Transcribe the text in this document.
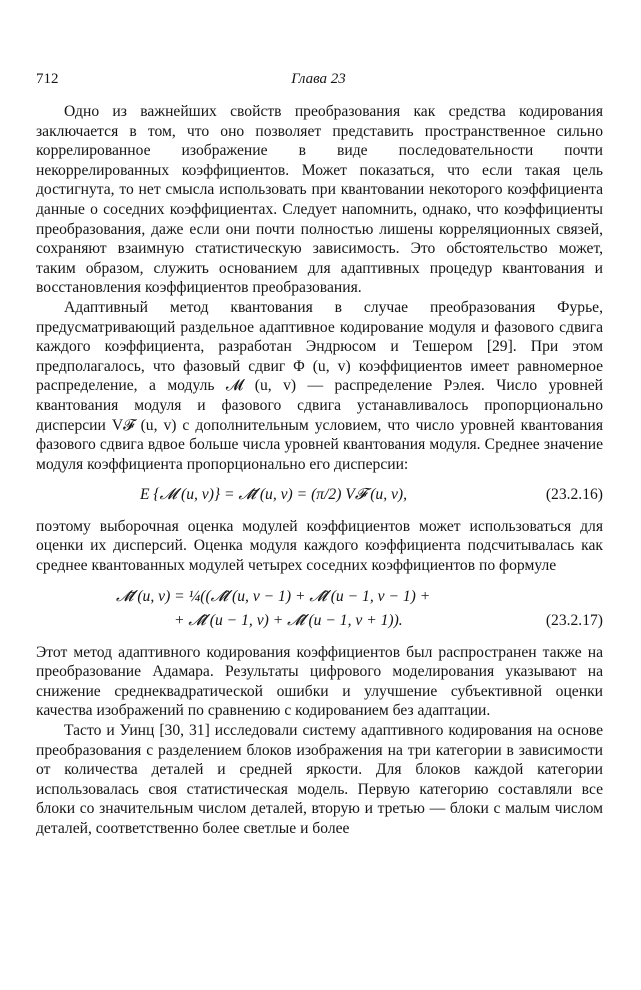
712	Глава 23

Одно из важнейших свойств преобразования как средства кодирования заключается в том, что оно позволяет представить пространственное сильно коррелированное изображение в виде последовательности почти некоррелированных коэффициентов. Может показаться, что если такая цель достигнута, то нет смысла использовать при квантовании некоторого коэффициента данные о соседних коэффициентах. Следует напомнить, однако, что коэффициенты преобразования, даже если они почти полностью лишены корреляционных связей, сохраняют взаимную статистическую зависимость. Это обстоятельство может, таким образом, служить основанием для адаптивных процедур квантования и восстановления коэффициентов преобразования.

Адаптивный метод квантования в случае преобразования Фурье, предусматривающий раздельное адаптивное кодирование модуля и фазового сдвига каждого коэффициента, разработан Эндрюсом и Тешером [29]. При этом предполагалось, что фазовый сдвиг Φ (u, v) коэффициентов имеет равномерное распределение, а модуль 𝓜 (u, v) — распределение Рэлея. Число уровней квантования модуля и фазового сдвига устанавливалось пропорционально дисперсии V𝓕 (u, v) с дополнительным условием, что число уровней квантования фазового сдвига вдвое больше числа уровней квантования модуля. Среднее значение модуля коэффициента пропорционально его дисперсии:

E {𝓜 (u, v)} = 𝓜̄ (u, v) = (π/2) V𝓕 (u, v),	(23.2.16)

поэтому выборочная оценка модулей коэффициентов может использоваться для оценки их дисперсий. Оценка модуля каждого коэффициента подсчитывалась как среднее квантованных модулей четырех соседних коэффициентов по формуле

𝓜̄ (u, v) = ¼((𝓜̂ (u, v − 1) + 𝓜̂ (u − 1, v − 1) +
+ 𝓜̂ (u − 1, v) + 𝓜̂ (u − 1, v + 1)).	(23.2.17)

Этот метод адаптивного кодирования коэффициентов был распространен также на преобразование Адамара. Результаты цифрового моделирования указывают на снижение среднеквадратической ошибки и улучшение субъективной оценки качества изображений по сравнению с кодированием без адаптации.

Тасто и Уинц [30, 31] исследовали систему адаптивного кодирования на основе преобразования с разделением блоков изображения на три категории в зависимости от количества деталей и средней яркости. Для блоков каждой категории использовалась своя статистическая модель. Первую категорию составляли все блоки со значительным числом деталей, вторую и третью — блоки с малым числом деталей, соответственно более светлые и более
